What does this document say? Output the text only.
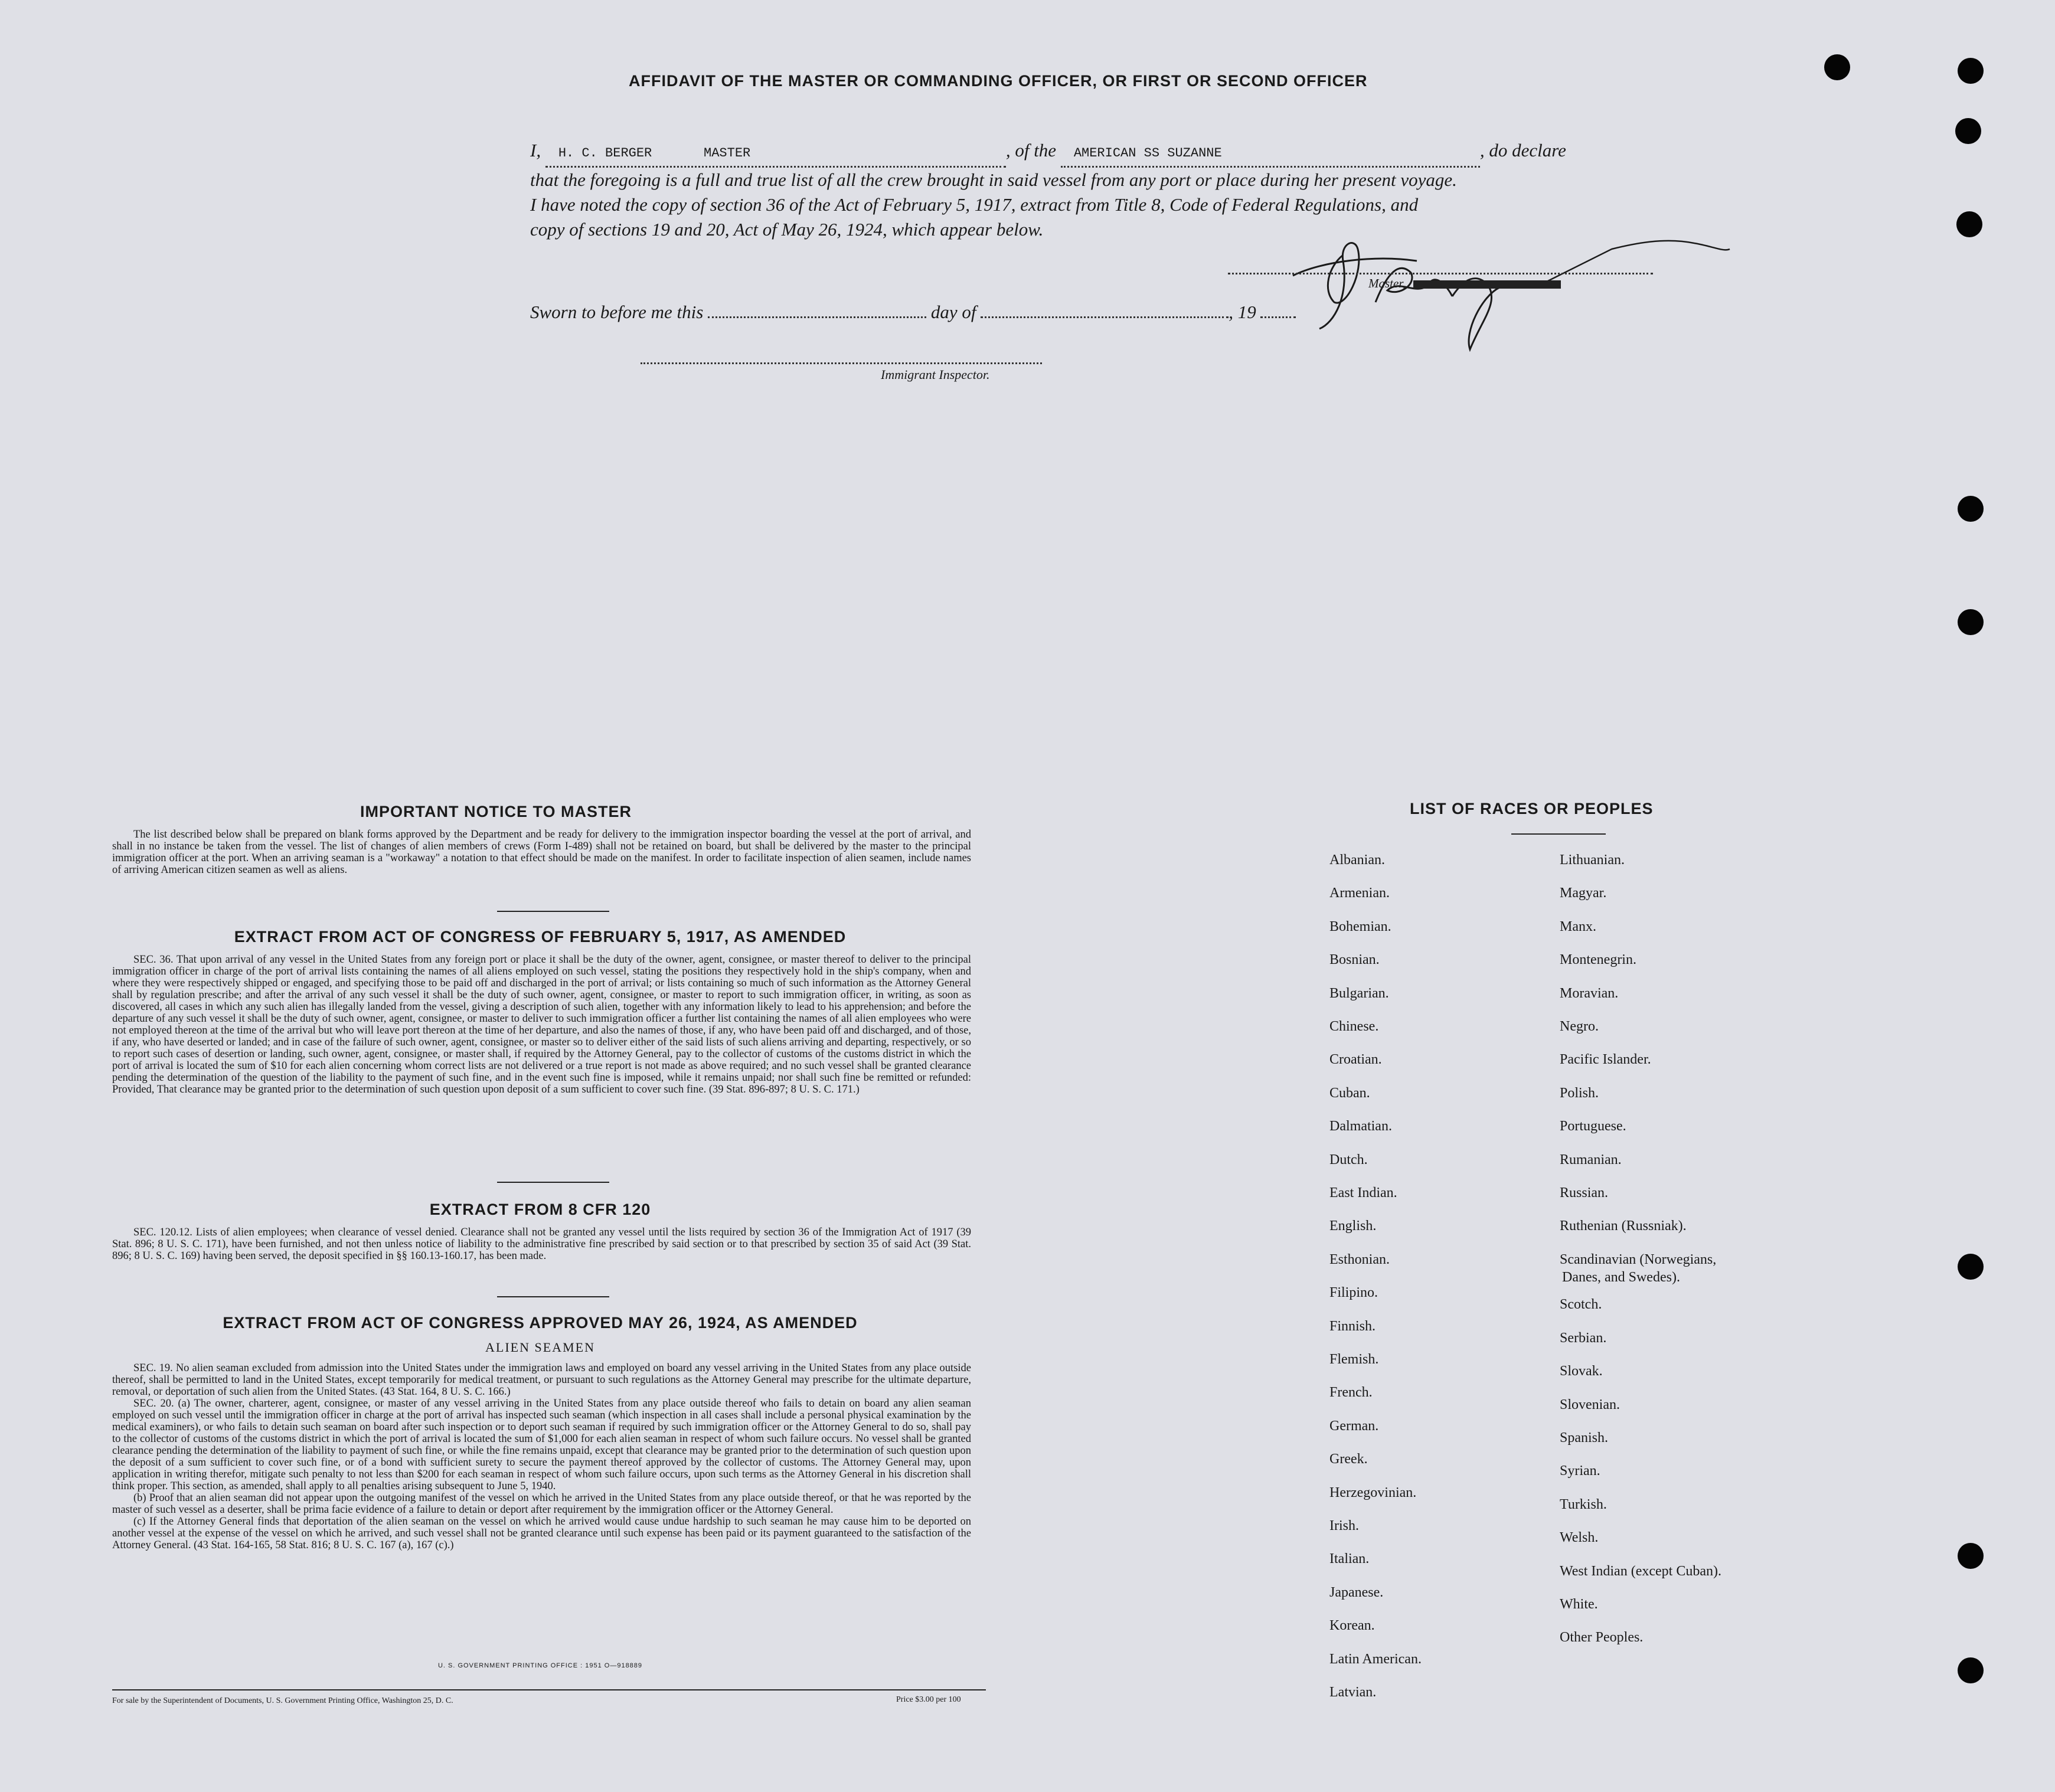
AFFIDAVIT OF THE MASTER OR COMMANDING OFFICER, OR FIRST OR SECOND OFFICER
I, H. C. BERGER	MASTER	, of the AMERICAN SS SUZANNE	, do declare
that the foregoing is a full and true list of all the crew brought in said vessel from any port or place during her present voyage.
I have noted the copy of section 36 of the Act of February 5, 1917, extract from Title 8, Code of Federal Regulations, and
copy of sections 19 and 20, Act of May 26, 1924, which appear below.
Master,
Sworn to before me this	day of	, 19
Immigrant Inspector.
IMPORTANT NOTICE TO MASTER
The list described below shall be prepared on blank forms approved by the Department and be ready for delivery to the immigration inspector boarding the vessel at the port of arrival, and shall in no instance be taken from the vessel. The list of changes of alien members of crews (Form I-489) shall not be retained on board, but shall be delivered by the master to the principal immigration officer at the port. When an arriving seaman is a "workaway" a notation to that effect should be made on the manifest. In order to facilitate inspection of alien seamen, include names of arriving American citizen seamen as well as aliens.
EXTRACT FROM ACT OF CONGRESS OF FEBRUARY 5, 1917, AS AMENDED
SEC. 36. That upon arrival of any vessel in the United States from any foreign port or place it shall be the duty of the owner, agent, consignee, or master thereof to deliver to the principal immigration officer in charge of the port of arrival lists containing the names of all aliens employed on such vessel, stating the positions they respectively hold in the ship's company, when and where they were respectively shipped or engaged, and specifying those to be paid off and discharged in the port of arrival; or lists containing so much of such information as the Attorney General shall by regulation prescribe; and after the arrival of any such vessel it shall be the duty of such owner, agent, consignee, or master to report to such immigration officer, in writing, as soon as discovered, all cases in which any such alien has illegally landed from the vessel, giving a description of such alien, together with any information likely to lead to his apprehension; and before the departure of any such vessel it shall be the duty of such owner, agent, consignee, or master to deliver to such immigration officer a further list containing the names of all alien employees who were not employed thereon at the time of the arrival but who will leave port thereon at the time of her departure, and also the names of those, if any, who have been paid off and discharged, and of those, if any, who have deserted or landed; and in case of the failure of such owner, agent, consignee, or master so to deliver either of the said lists of such aliens arriving and departing, respectively, or so to report such cases of desertion or landing, such owner, agent, consignee, or master shall, if required by the Attorney General, pay to the collector of customs of the customs district in which the port of arrival is located the sum of $10 for each alien concerning whom correct lists are not delivered or a true report is not made as above required; and no such vessel shall be granted clearance pending the determination of the question of the liability to the payment of such fine, and in the event such fine is imposed, while it remains unpaid; nor shall such fine be remitted or refunded: Provided, That clearance may be granted prior to the determination of such question upon deposit of a sum sufficient to cover such fine. (39 Stat. 896-897; 8 U. S. C. 171.)
EXTRACT FROM 8 CFR 120
SEC. 120.12. Lists of alien employees; when clearance of vessel denied. Clearance shall not be granted any vessel until the lists required by section 36 of the Immigration Act of 1917 (39 Stat. 896; 8 U. S. C. 171), have been furnished, and not then unless notice of liability to the administrative fine prescribed by said section or to that prescribed by section 35 of said Act (39 Stat. 896; 8 U. S. C. 169) having been served, the deposit specified in §§ 160.13-160.17, has been made.
EXTRACT FROM ACT OF CONGRESS APPROVED MAY 26, 1924, AS AMENDED
ALIEN SEAMEN
SEC. 19. No alien seaman excluded from admission into the United States under the immigration laws and employed on board any vessel arriving in the United States from any place outside thereof, shall be permitted to land in the United States, except temporarily for medical treatment, or pursuant to such regulations as the Attorney General may prescribe for the ultimate departure, removal, or deportation of such alien from the United States. (43 Stat. 164, 8 U. S. C. 166.)
SEC. 20. (a) The owner, charterer, agent, consignee, or master of any vessel arriving in the United States from any place outside thereof who fails to detain on board any alien seaman employed on such vessel until the immigration officer in charge at the port of arrival has inspected such seaman (which inspection in all cases shall include a personal physical examination by the medical examiners), or who fails to detain such seaman on board after such inspection or to deport such seaman if required by such immigration officer or the Attorney General to do so, shall pay to the collector of customs of the customs district in which the port of arrival is located the sum of $1,000 for each alien seaman in respect of whom such failure occurs. No vessel shall be granted clearance pending the determination of the liability to payment of such fine, or while the fine remains unpaid, except that clearance may be granted prior to the determination of such question upon the deposit of a sum sufficient to cover such fine, or of a bond with sufficient surety to secure the payment thereof approved by the collector of customs. The Attorney General may, upon application in writing therefor, mitigate such penalty to not less than $200 for each seaman in respect of whom such failure occurs, upon such terms as the Attorney General in his discretion shall think proper. This section, as amended, shall apply to all penalties arising subsequent to June 5, 1940.
(b) Proof that an alien seaman did not appear upon the outgoing manifest of the vessel on which he arrived in the United States from any place outside thereof, or that he was reported by the master of such vessel as a deserter, shall be prima facie evidence of a failure to detain or deport after requirement by the immigration officer or the Attorney General.
(c) If the Attorney General finds that deportation of the alien seaman on the vessel on which he arrived would cause undue hardship to such seaman he may cause him to be deported on another vessel at the expense of the vessel on which he arrived, and such vessel shall not be granted clearance until such expense has been paid or its payment guaranteed to the satisfaction of the Attorney General. (43 Stat. 164-165, 58 Stat. 816; 8 U. S. C. 167 (a), 167 (c).)
U. S. GOVERNMENT PRINTING OFFICE : 1951 O—918889
For sale by the Superintendent of Documents, U. S. Government Printing Office, Washington 25, D. C.	Price $3.00 per 100
LIST OF RACES OR PEOPLES
Albanian.
Armenian.
Bohemian.
Bosnian.
Bulgarian.
Chinese.
Croatian.
Cuban.
Dalmatian.
Dutch.
East Indian.
English.
Esthonian.
Filipino.
Finnish.
Flemish.
French.
German.
Greek.
Herzegovinian.
Irish.
Italian.
Japanese.
Korean.
Latin American.
Latvian.
Lithuanian.
Magyar.
Manx.
Montenegrin.
Moravian.
Negro.
Pacific Islander.
Polish.
Portuguese.
Rumanian.
Russian.
Ruthenian (Russniak).
Scandinavian (Norwegians,
Danes, and Swedes).
Scotch.
Serbian.
Slovak.
Slovenian.
Spanish.
Syrian.
Turkish.
Welsh.
West Indian (except Cuban).
White.
Other Peoples.
